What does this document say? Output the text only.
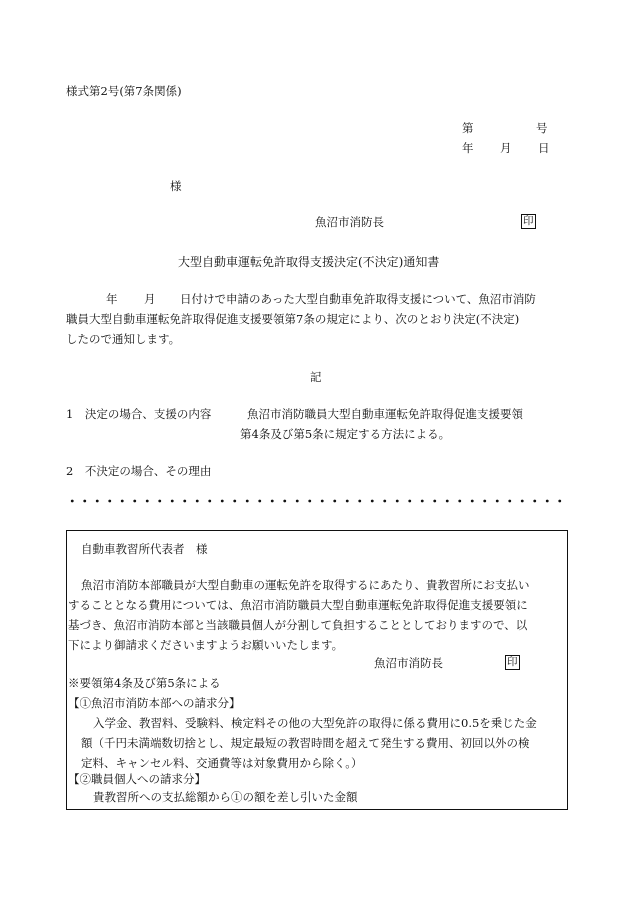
様式第2号(第7条関係)
第	号
年 月 日
様
魚沼市消防長	印
大型自動車運転免許取得支援決定(不決定)通知書
年 月 日付けで申請のあった大型自動車免許取得支援について、魚沼市消防
職員大型自動車運転免許取得促進支援要領第7条の規定により、次のとおり決定(不決定)
したので通知します。
記
1　決定の場合、支援の内容	魚沼市消防職員大型自動車運転免許取得促進支援要領
第4条及び第5条に規定する方法による。
2　不決定の場合、その理由
自動車教習所代表者　様
魚沼市消防本部職員が大型自動車の運転免許を取得するにあたり、貴教習所にお支払い
することとなる費用については、魚沼市消防職員大型自動車運転免許取得促進支援要領に
基づき、魚沼市消防本部と当該職員個人が分割して負担することとしておりますので、以
下により御請求くださいますようお願いいたします。
魚沼市消防長	印
※要領第4条及び第5条による
【①魚沼市消防本部への請求分】
入学金、教習料、受験料、検定料その他の大型免許の取得に係る費用に0.5を乗じた金
額（千円未満端数切捨とし、規定最短の教習時間を超えて発生する費用、初回以外の検
定料、キャンセル料、交通費等は対象費用から除く。）
【②職員個人への請求分】
貴教習所への支払総額から①の額を差し引いた金額
